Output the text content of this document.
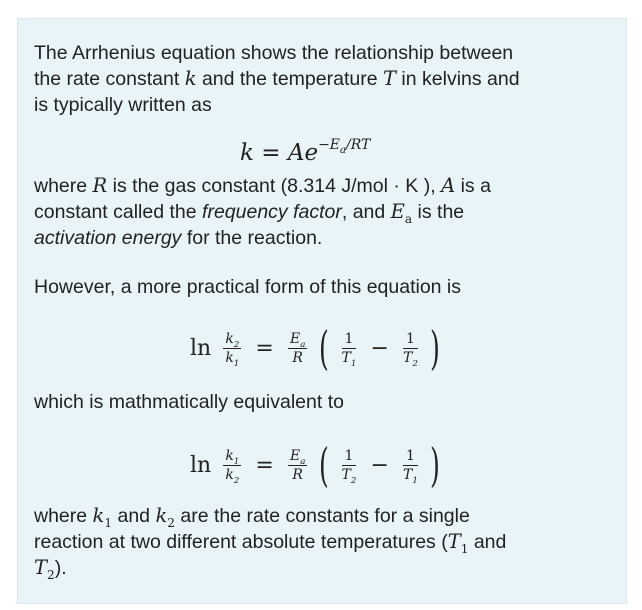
The Arrhenius equation shows the relationship between
the rate constant k and the temperature T in kelvins and
is typically written as

$k = Ae^{-E_a/RT}$

where R is the gas constant (8.314 J/mol · K ), A is a
constant called the frequency factor, and $E_a$ is the
activation energy for the reaction.

However, a more practical form of this equation is

$\ln \frac{k_2}{k_1} = \frac{E_a}{R}$ ( $\frac{1}{T_1} - \frac{1}{T_2}$ )

which is mathmatically equivalent to

$\ln \frac{k_1}{k_2} = \frac{E_a}{R}$ ( $\frac{1}{T_2} - \frac{1}{T_1}$ )

where $k_1$ and $k_2$ are the rate constants for a single
reaction at two different absolute temperatures ($T_1$ and
$T_2$).
